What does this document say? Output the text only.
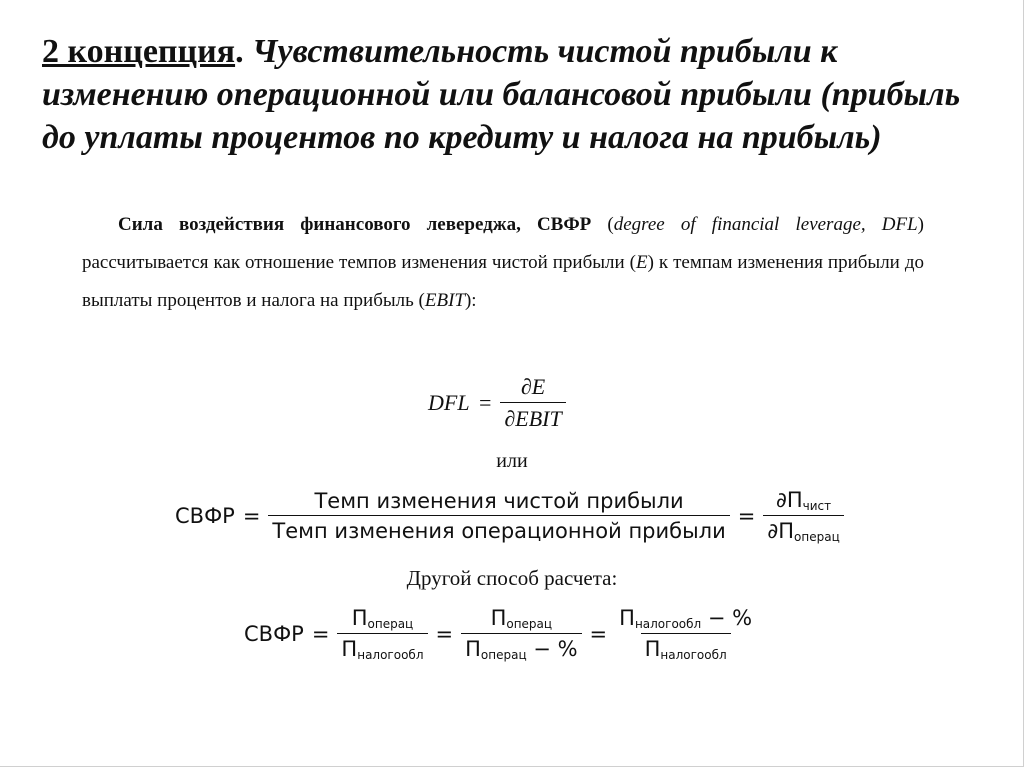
2 концепция. Чувствительность чистой прибыли к изменению операционной или балансовой прибыли (прибыль до уплаты процентов по кредиту и налога на прибыль)

Сила воздействия финансового левереджа, СВФР (degree of financial leverage, DFL) рассчитывается как отношение темпов изменения чистой прибыли (E) к темпам изменения прибыли до выплаты процентов и налога на прибыль (EBIT):

DFL = $\frac{\partial E}{\text{∂EBIT}}$
или
СВФР = $\frac{\text{Темп изменения чистой прибыли}}{\text{Темп изменения операционной прибыли}} = \frac{\partial П_{чист}}{\partial П_{операц}}$
Другой способ расчета:
СВФР = $\frac{П_{операц}}{П_{налогообл}} = \frac{П_{операц}}{П_{операц} - \%} = \frac{П_{налогообл} - \%}{П_{налогообл}}$
